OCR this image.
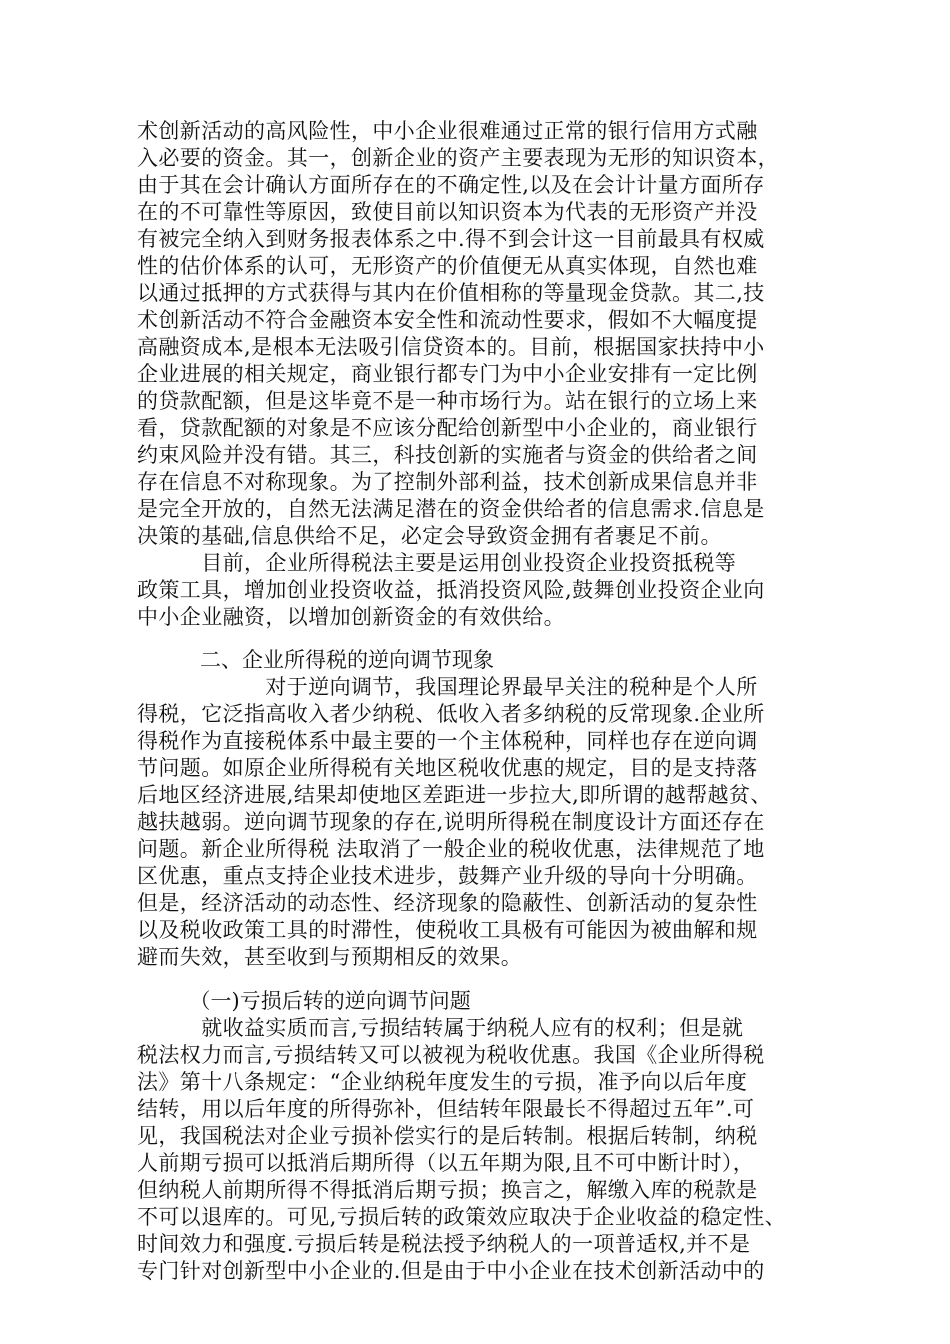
术创新活动的高风险性，中小企业很难通过正常的银行信用方式融
入必要的资金。其一，创新企业的资产主要表现为无形的知识资本，
由于其在会计确认方面所存在的不确定性,以及在会计计量方面所存
在的不可靠性等原因，致使目前以知识资本为代表的无形资产并没
有被完全纳入到财务报表体系之中.得不到会计这一目前最具有权威
性的估价体系的认可，无形资产的价值便无从真实体现，自然也难
以通过抵押的方式获得与其内在价值相称的等量现金贷款。其二,技
术创新活动不符合金融资本安全性和流动性要求，假如不大幅度提
高融资成本,是根本无法吸引信贷资本的。目前，根据国家扶持中小
企业进展的相关规定，商业银行都专门为中小企业安排有一定比例
的贷款配额，但是这毕竟不是一种市场行为。站在银行的立场上来
看，贷款配额的对象是不应该分配给创新型中小企业的，商业银行
约束风险并没有错。其三，科技创新的实施者与资金的供给者之间
存在信息不对称现象。为了控制外部利益，技术创新成果信息并非
是完全开放的，自然无法满足潜在的资金供给者的信息需求.信息是
决策的基础,信息供给不足，必定会导致资金拥有者裹足不前。
　　　目前，企业所得税法主要是运用创业投资企业投资抵税等
政策工具，增加创业投资收益，抵消投资风险,鼓舞创业投资企业向
中小企业融资，以增加创新资金的有效供给。
　　　二、企业所得税的逆向调节现象
　　　　　　对于逆向调节，我国理论界最早关注的税种是个人所
得税，它泛指高收入者少纳税、低收入者多纳税的反常现象.企业所
得税作为直接税体系中最主要的一个主体税种，同样也存在逆向调
节问题。如原企业所得税有关地区税收优惠的规定，目的是支持落
后地区经济进展,结果却使地区差距进一步拉大,即所谓的越帮越贫、
越扶越弱。逆向调节现象的存在,说明所得税在制度设计方面还存在
问题。新企业所得税 法取消了一般企业的税收优惠，法律规范了地
区优惠，重点支持企业技术进步，鼓舞产业升级的导向十分明确。
但是，经济活动的动态性、经济现象的隐蔽性、创新活动的复杂性
以及税收政策工具的时滞性，使税收工具极有可能因为被曲解和规
避而失效，甚至收到与预期相反的效果。
　　　（一)亏损后转的逆向调节问题
　　　就收益实质而言,亏损结转属于纳税人应有的权利；但是就
税法权力而言,亏损结转又可以被视为税收优惠。我国《企业所得税
法》第十八条规定：“企业纳税年度发生的亏损，准予向以后年度
结转，用以后年度的所得弥补，但结转年限最长不得超过五年”.可
见，我国税法对企业亏损补偿实行的是后转制。根据后转制，纳税
人前期亏损可以抵消后期所得（以五年期为限,且不可中断计时），
但纳税人前期所得不得抵消后期亏损；换言之，解缴入库的税款是
不可以退库的。可见,亏损后转的政策效应取决于企业收益的稳定性、
时间效力和强度.亏损后转是税法授予纳税人的一项普适权,并不是
专门针对创新型中小企业的.但是由于中小企业在技术创新活动中的
